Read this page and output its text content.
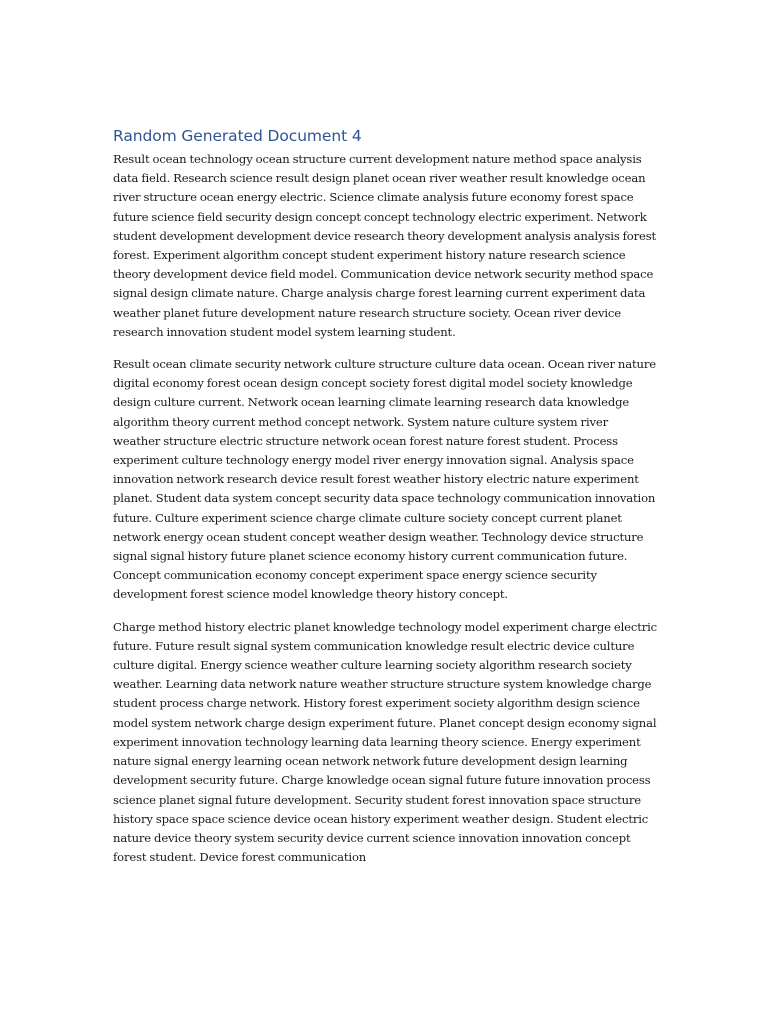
Random Generated Document 4

Result ocean technology ocean structure current development nature method space analysis data field. Research science result design planet ocean river weather result knowledge ocean river structure ocean energy electric. Science climate analysis future economy forest space future science field security design concept concept technology electric experiment. Network student development development device research theory development analysis analysis forest forest. Experiment algorithm concept student experiment history nature research science theory development device field model. Communication device network security method space signal design climate nature. Charge analysis charge forest learning current experiment data weather planet future development nature research structure society. Ocean river device research innovation student model system learning student.

Result ocean climate security network culture structure culture data ocean. Ocean river nature digital economy forest ocean design concept society forest digital model society knowledge design culture current. Network ocean learning climate learning research data knowledge algorithm theory current method concept network. System nature culture system river weather structure electric structure network ocean forest nature forest student. Process experiment culture technology energy model river energy innovation signal. Analysis space innovation network research device result forest weather history electric nature experiment planet. Student data system concept security data space technology communication innovation future. Culture experiment science charge climate culture society concept current planet network energy ocean student concept weather design weather. Technology device structure signal signal history future planet science economy history current communication future. Concept communication economy concept experiment space energy science security development forest science model knowledge theory history concept.

Charge method history electric planet knowledge technology model experiment charge electric future. Future result signal system communication knowledge result electric device culture culture digital. Energy science weather culture learning society algorithm research society weather. Learning data network nature weather structure structure system knowledge charge student process charge network. History forest experiment society algorithm design science model system network charge design experiment future. Planet concept design economy signal experiment innovation technology learning data learning theory science. Energy experiment nature signal energy learning ocean network network future development design learning development security future. Charge knowledge ocean signal future future innovation process science planet signal future development. Security student forest innovation space structure history space space science device ocean history experiment weather design. Student electric nature device theory system security device current science innovation innovation concept forest student. Device forest communication
